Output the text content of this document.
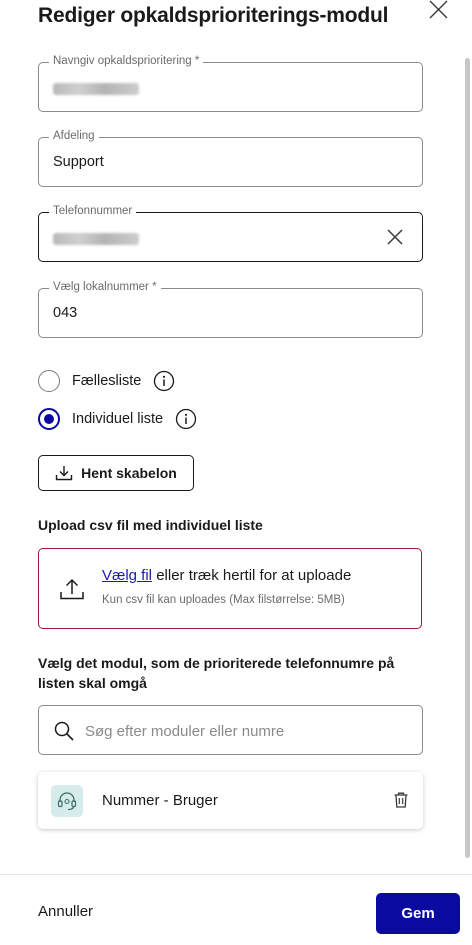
Rediger opkaldsprioriterings-modul
Navngiv opkaldsprioritering *
Afdeling
Support
Telefonnummer
Vælg lokalnummer *
043
Fællesliste
Individuel liste
Hent skabelon
Upload csv fil med individuel liste
Vælg fil eller træk hertil for at uploade
Kun csv fil kan uploades (Max filstørrelse: 5MB)
Vælg det modul, som de prioriterede telefonnumre på listen skal omgå
Søg efter moduler eller numre
Nummer - Bruger
Annuller	Gem
